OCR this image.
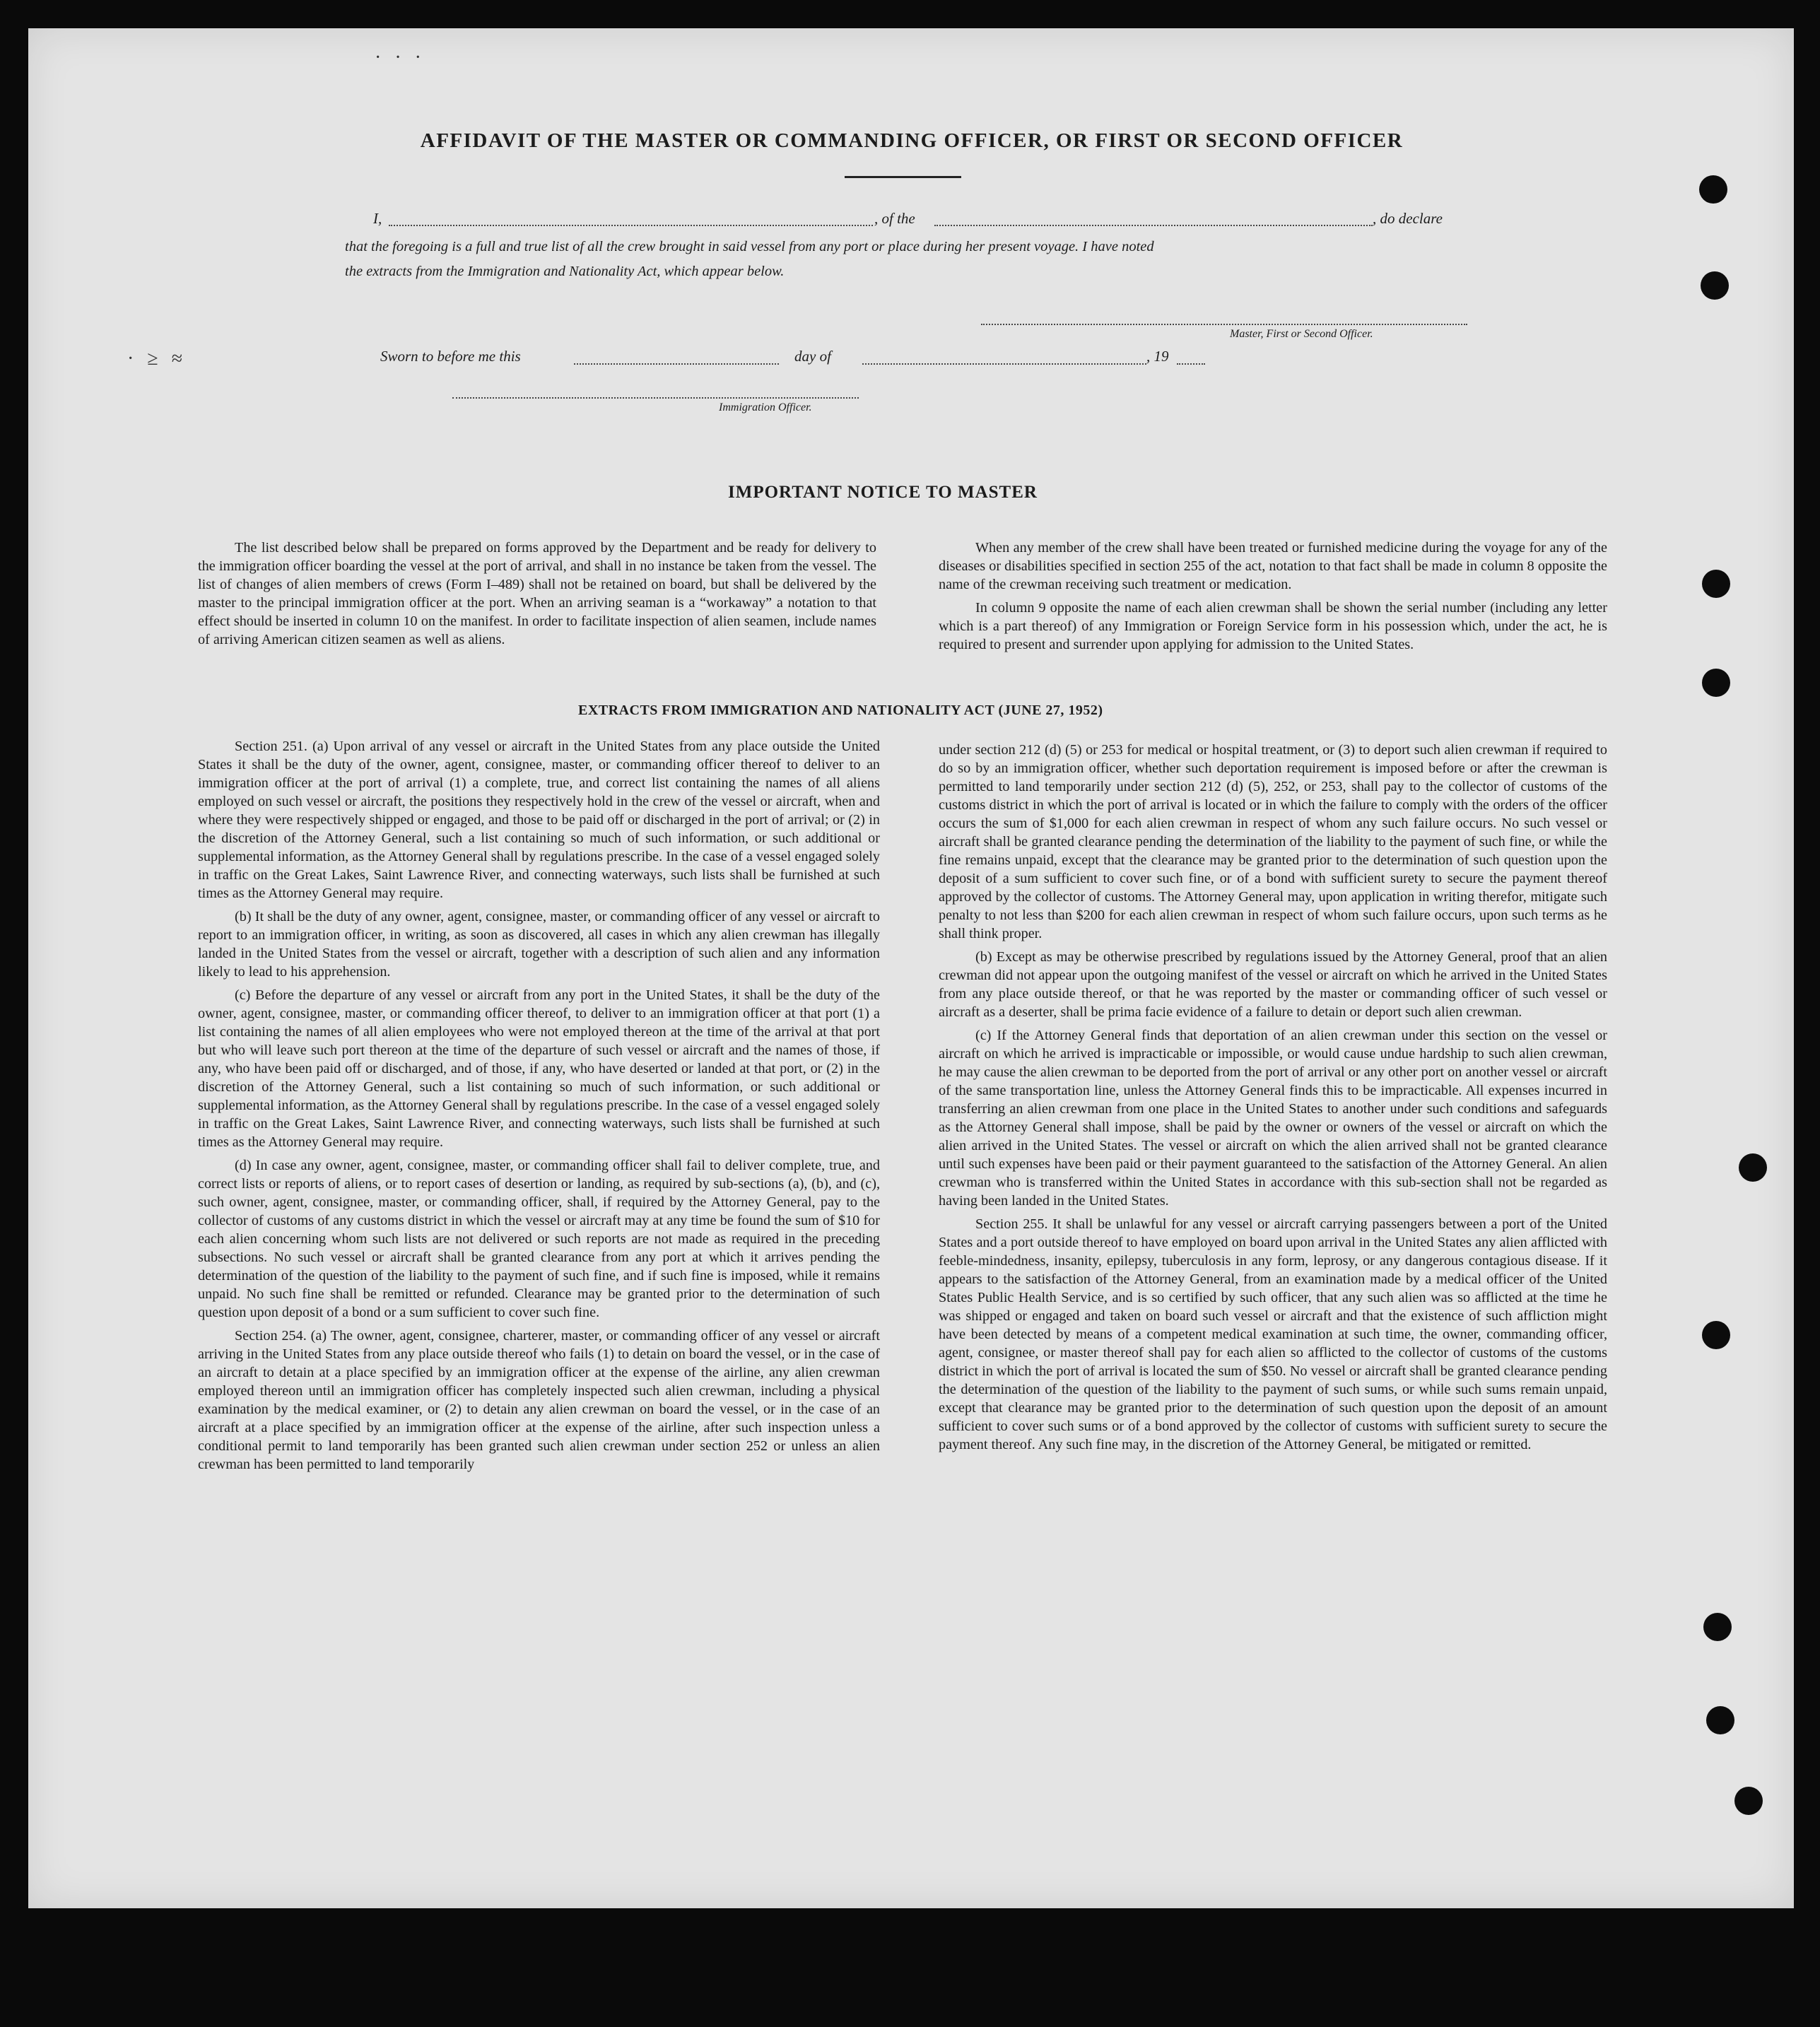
· · ·
· ≥ ≈
AFFIDAVIT OF THE MASTER OR COMMANDING OFFICER, OR FIRST OR SECOND OFFICER
I,	, of the	, do declare
that the foregoing is a full and true list of all the crew brought in said vessel from any port or place during her present voyage. I have noted
the extracts from the Immigration and Nationality Act, which appear below.
Master, First or Second Officer.
Sworn to before me this	day of	, 19
Immigration Officer.
IMPORTANT NOTICE TO MASTER

The list described below shall be prepared on forms approved by the Department and be ready for delivery to the immigration officer boarding the vessel at the port of arrival, and shall in no instance be taken from the vessel. The list of changes of alien members of crews (Form I–489) shall not be retained on board, but shall be delivered by the master to the principal immigration officer at the port. When an arriving seaman is a “workaway” a notation to that effect should be inserted in column 10 on the manifest. In order to facilitate inspection of alien seamen, include names of arriving American citizen seamen as well as aliens.

When any member of the crew shall have been treated or furnished medicine during the voyage for any of the diseases or disabilities specified in section 255 of the act, notation to that fact shall be made in column 8 opposite the name of the crewman receiving such treatment or medication.

In column 9 opposite the name of each alien crewman shall be shown the serial number (including any letter which is a part thereof) of any Immigration or Foreign Service form in his possession which, under the act, he is required to present and surrender upon applying for admission to the United States.

EXTRACTS FROM IMMIGRATION AND NATIONALITY ACT (JUNE 27, 1952)

Section 251. (a) Upon arrival of any vessel or aircraft in the United States from any place outside the United States it shall be the duty of the owner, agent, consignee, master, or commanding officer thereof to deliver to an immigration officer at the port of arrival (1) a complete, true, and correct list containing the names of all aliens employed on such vessel or aircraft, the positions they respectively hold in the crew of the vessel or aircraft, when and where they were respectively shipped or engaged, and those to be paid off or discharged in the port of arrival; or (2) in the discretion of the Attorney General, such a list containing so much of such information, or such additional or supplemental information, as the Attorney General shall by regulations prescribe. In the case of a vessel engaged solely in traffic on the Great Lakes, Saint Lawrence River, and connecting waterways, such lists shall be furnished at such times as the Attorney General may require.

(b) It shall be the duty of any owner, agent, consignee, master, or commanding officer of any vessel or aircraft to report to an immigration officer, in writing, as soon as discovered, all cases in which any alien crewman has illegally landed in the United States from the vessel or aircraft, together with a description of such alien and any information likely to lead to his apprehension.

(c) Before the departure of any vessel or aircraft from any port in the United States, it shall be the duty of the owner, agent, consignee, master, or commanding officer thereof, to deliver to an immigration officer at that port (1) a list containing the names of all alien employees who were not employed thereon at the time of the arrival at that port but who will leave such port thereon at the time of the departure of such vessel or aircraft and the names of those, if any, who have been paid off or discharged, and of those, if any, who have deserted or landed at that port, or (2) in the discretion of the Attorney General, such a list containing so much of such information, or such additional or supplemental information, as the Attorney General shall by regulations prescribe. In the case of a vessel engaged solely in traffic on the Great Lakes, Saint Lawrence River, and connecting waterways, such lists shall be furnished at such times as the Attorney General may require.

(d) In case any owner, agent, consignee, master, or commanding officer shall fail to deliver complete, true, and correct lists or reports of aliens, or to report cases of desertion or landing, as required by sub-sections (a), (b), and (c), such owner, agent, consignee, master, or commanding officer, shall, if required by the Attorney General, pay to the collector of customs of any customs district in which the vessel or aircraft may at any time be found the sum of $10 for each alien concerning whom such lists are not delivered or such reports are not made as required in the preceding subsections. No such vessel or aircraft shall be granted clearance from any port at which it arrives pending the determination of the question of the liability to the payment of such fine, and if such fine is imposed, while it remains unpaid. No such fine shall be remitted or refunded. Clearance may be granted prior to the determination of such question upon deposit of a bond or a sum sufficient to cover such fine.

Section 254. (a) The owner, agent, consignee, charterer, master, or commanding officer of any vessel or aircraft arriving in the United States from any place outside thereof who fails (1) to detain on board the vessel, or in the case of an aircraft to detain at a place specified by an immigration officer at the expense of the airline, any alien crewman employed thereon until an immigration officer has completely inspected such alien crewman, including a physical examination by the medical examiner, or (2) to detain any alien crewman on board the vessel, or in the case of an aircraft at a place specified by an immigration officer at the expense of the airline, after such inspection unless a conditional permit to land temporarily has been granted such alien crewman under section 252 or unless an alien crewman has been permitted to land temporarily

under section 212 (d) (5) or 253 for medical or hospital treatment, or (3) to deport such alien crewman if required to do so by an immigration officer, whether such deportation requirement is imposed before or after the crewman is permitted to land temporarily under section 212 (d) (5), 252, or 253, shall pay to the collector of customs of the customs district in which the port of arrival is located or in which the failure to comply with the orders of the officer occurs the sum of $1,000 for each alien crewman in respect of whom any such failure occurs. No such vessel or aircraft shall be granted clearance pending the determination of the liability to the payment of such fine, or while the fine remains unpaid, except that the clearance may be granted prior to the determination of such question upon the deposit of a sum sufficient to cover such fine, or of a bond with sufficient surety to secure the payment thereof approved by the collector of customs. The Attorney General may, upon application in writing therefor, mitigate such penalty to not less than $200 for each alien crewman in respect of whom such failure occurs, upon such terms as he shall think proper.

(b) Except as may be otherwise prescribed by regulations issued by the Attorney General, proof that an alien crewman did not appear upon the outgoing manifest of the vessel or aircraft on which he arrived in the United States from any place outside thereof, or that he was reported by the master or commanding officer of such vessel or aircraft as a deserter, shall be prima facie evidence of a failure to detain or deport such alien crewman.

(c) If the Attorney General finds that deportation of an alien crewman under this section on the vessel or aircraft on which he arrived is impracticable or impossible, or would cause undue hardship to such alien crewman, he may cause the alien crewman to be deported from the port of arrival or any other port on another vessel or aircraft of the same transportation line, unless the Attorney General finds this to be impracticable. All expenses incurred in transferring an alien crewman from one place in the United States to another under such conditions and safeguards as the Attorney General shall impose, shall be paid by the owner or owners of the vessel or aircraft on which the alien arrived in the United States. The vessel or aircraft on which the alien arrived shall not be granted clearance until such expenses have been paid or their payment guaranteed to the satisfaction of the Attorney General. An alien crewman who is transferred within the United States in accordance with this sub-section shall not be regarded as having been landed in the United States.

Section 255. It shall be unlawful for any vessel or aircraft carrying passengers between a port of the United States and a port outside thereof to have employed on board upon arrival in the United States any alien afflicted with feeble-mindedness, insanity, epilepsy, tuberculosis in any form, leprosy, or any dangerous contagious disease. If it appears to the satisfaction of the Attorney General, from an examination made by a medical officer of the United States Public Health Service, and is so certified by such officer, that any such alien was so afflicted at the time he was shipped or engaged and taken on board such vessel or aircraft and that the existence of such affliction might have been detected by means of a competent medical examination at such time, the owner, commanding officer, agent, consignee, or master thereof shall pay for each alien so afflicted to the collector of customs of the customs district in which the port of arrival is located the sum of $50. No vessel or aircraft shall be granted clearance pending the determination of the question of the liability to the payment of such sums, or while such sums remain unpaid, except that clearance may be granted prior to the determination of such question upon the deposit of an amount sufficient to cover such sums or of a bond approved by the collector of customs with sufficient surety to secure the payment thereof. Any such fine may, in the discretion of the Attorney General, be mitigated or remitted.
